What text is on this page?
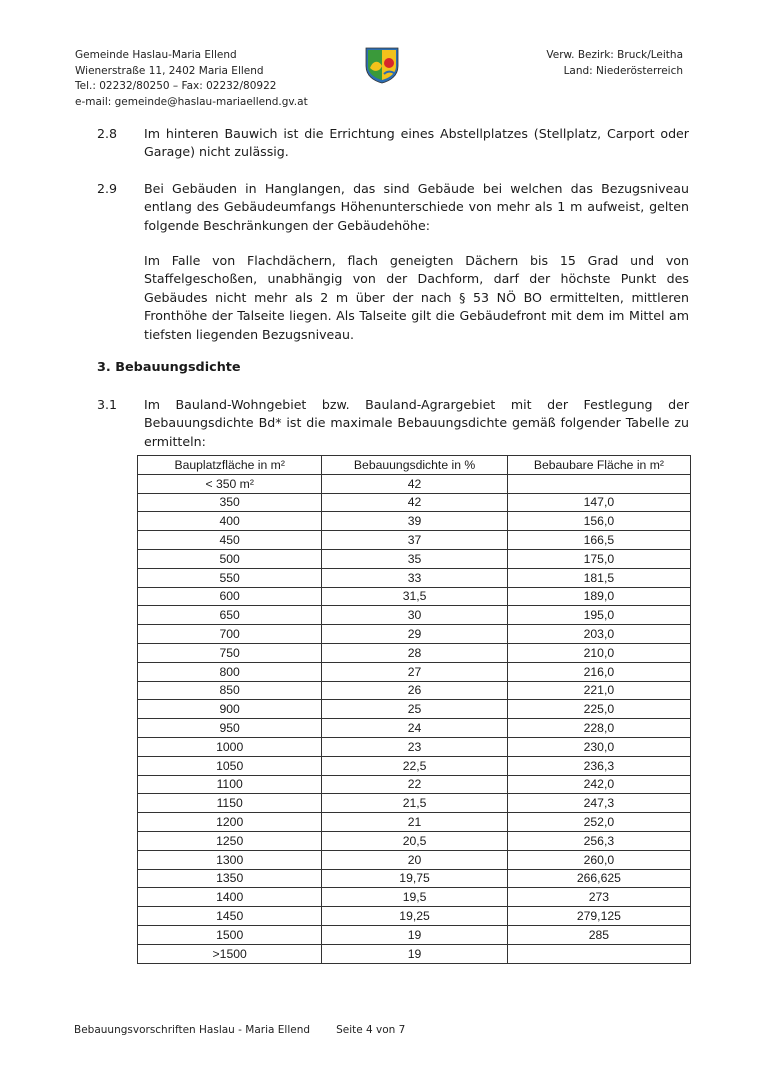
Gemeinde Haslau-Maria Ellend
Wienerstraße 11, 2402 Maria Ellend
Tel.: 02232/80250 – Fax: 02232/80922
e-mail: gemeinde@haslau-mariaellend.gv.at
Verw. Bezirk: Bruck/Leitha
Land: Niederösterreich
2.8 Im hinteren Bauwich ist die Errichtung eines Abstellplatzes (Stellplatz, Carport oder Garage) nicht zulässig.
2.9 Bei Gebäuden in Hanglangen, das sind Gebäude bei welchen das Bezugsniveau entlang des Gebäudeumfangs Höhenunterschiede von mehr als 1 m aufweist, gelten folgende Beschränkungen der Gebäudehöhe:
Im Falle von Flachdächern, flach geneigten Dächern bis 15 Grad und von Staffelgeschoßen, unabhängig von der Dachform, darf der höchste Punkt des Gebäudes nicht mehr als 2 m über der nach § 53 NÖ BO ermittelten, mittleren Fronthöhe der Talseite liegen. Als Talseite gilt die Gebäudefront mit dem im Mittel am tiefsten liegenden Bezugsniveau.
3. Bebauungsdichte
3.1 Im Bauland-Wohngebiet bzw. Bauland-Agrargebiet mit der Festlegung der Bebauungsdichte Bd* ist die maximale Bebauungsdichte gemäß folgender Tabelle zu ermitteln:
Bauplatzfläche in m²	Bebauungsdichte in %	Bebaubare Fläche in m²
< 350 m²	42	
350	42	147,0
400	39	156,0
450	37	166,5
500	35	175,0
550	33	181,5
600	31,5	189,0
650	30	195,0
700	29	203,0
750	28	210,0
800	27	216,0
850	26	221,0
900	25	225,0
950	24	228,0
1000	23	230,0
1050	22,5	236,3
1100	22	242,0
1150	21,5	247,3
1200	21	252,0
1250	20,5	256,3
1300	20	260,0
1350	19,75	266,625
1400	19,5	273
1450	19,25	279,125
1500	19	285
>1500	19	
Bebauungsvorschriften Haslau - Maria Ellend Seite 4 von 7
